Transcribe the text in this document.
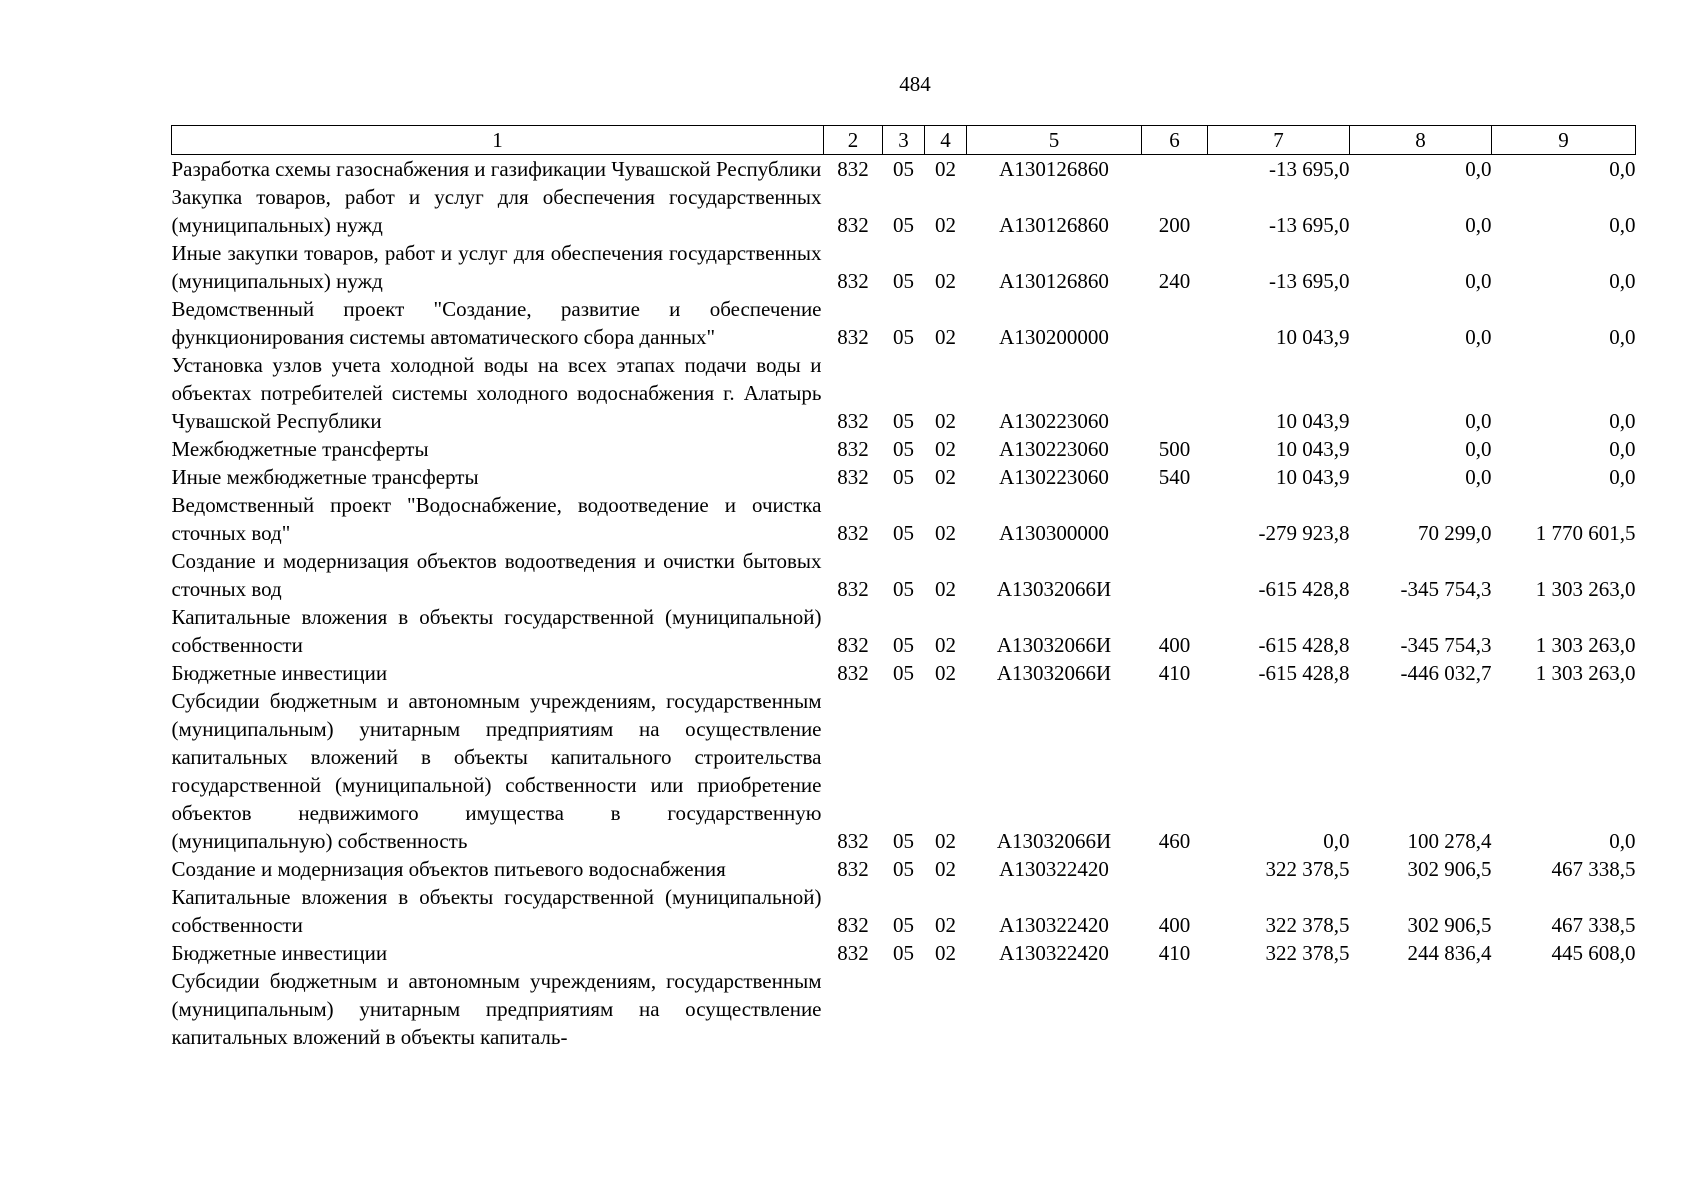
484
1	2	3	4	5	6	7	8	9
Разработка схемы газоснабжения и газификации Чувашской Республики	832	05	02	А130126860		-13 695,0	0,0	0,0
Закупка товаров, работ и услуг для обеспечения государственных (муниципальных) нужд	832	05	02	А130126860	200	-13 695,0	0,0	0,0
Иные закупки товаров, работ и услуг для обеспечения государственных (муниципальных) нужд	832	05	02	А130126860	240	-13 695,0	0,0	0,0
Ведомственный проект "Создание, развитие и обеспечение функционирования системы автоматического сбора данных"	832	05	02	А130200000		10 043,9	0,0	0,0
Установка узлов учета холодной воды на всех этапах подачи воды и объектах потребителей системы холодного водоснабжения г. Алатырь Чувашской Республики	832	05	02	А130223060		10 043,9	0,0	0,0
Межбюджетные трансферты	832	05	02	А130223060	500	10 043,9	0,0	0,0
Иные межбюджетные трансферты	832	05	02	А130223060	540	10 043,9	0,0	0,0
Ведомственный проект "Водоснабжение, водоотведение и очистка сточных вод"	832	05	02	А130300000		-279 923,8	70 299,0	1 770 601,5
Создание и модернизация объектов водоотведения и очистки бытовых сточных вод	832	05	02	А13032066И		-615 428,8	-345 754,3	1 303 263,0
Капитальные вложения в объекты государственной (муниципальной) собственности	832	05	02	А13032066И	400	-615 428,8	-345 754,3	1 303 263,0
Бюджетные инвестиции	832	05	02	А13032066И	410	-615 428,8	-446 032,7	1 303 263,0
Субсидии бюджетным и автономным учреждениям, государственным (муниципальным) унитарным предприятиям на осуществление капитальных вложений в объекты капитального строительства государственной (муниципальной) собственности или приобретение объектов недвижимого имущества в государственную (муниципальную) собственность	832	05	02	А13032066И	460	0,0	100 278,4	0,0
Создание и модернизация объектов питьевого водоснабжения	832	05	02	А130322420		322 378,5	302 906,5	467 338,5
Капитальные вложения в объекты государственной (муниципальной) собственности	832	05	02	А130322420	400	322 378,5	302 906,5	467 338,5
Бюджетные инвестиции	832	05	02	А130322420	410	322 378,5	244 836,4	445 608,0
Субсидии бюджетным и автономным учреждениям, государственным (муниципальным) унитарным предприятиям на осуществление капитальных вложений в объекты капиталь-								
